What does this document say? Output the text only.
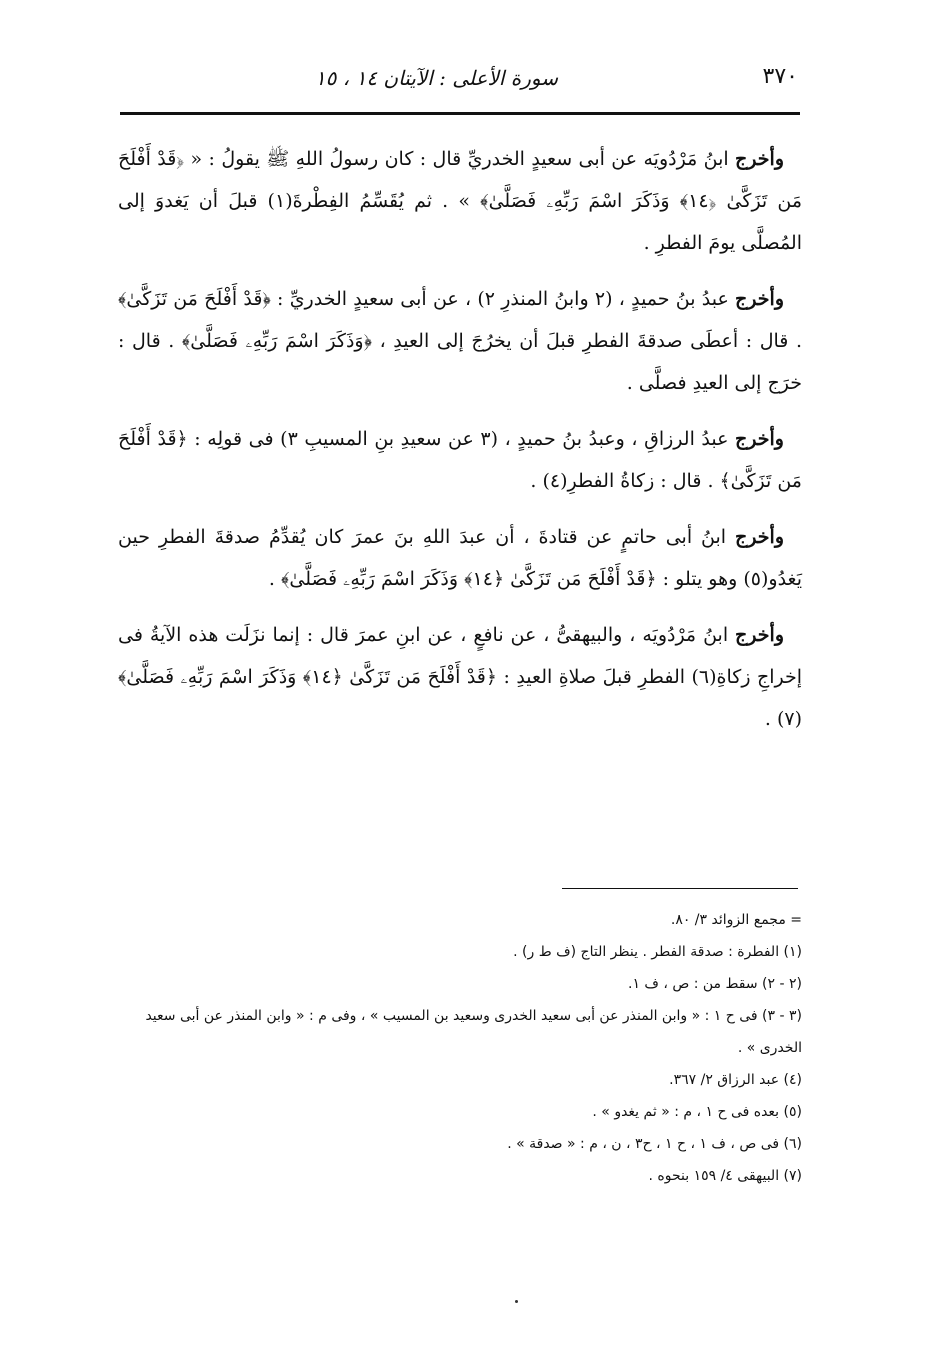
٣٧٠
سورة الأعلى : الآيتان ١٤ ، ١٥

وأخرج ابنُ مَرْدُويَه عن أبى سعيدٍ الخدريِّ قال : كان رسولُ اللهِ ﷺ يقولُ : « ﴿قَدْ أَفْلَحَ مَن تَزَكَّىٰ ﴿١٤﴾ وَذَكَرَ اسْمَ رَبِّهِۦ فَصَلَّىٰ﴾ » . ثم يُقَسِّمُ الفِطْرةَ(١) قبلَ أن يَغدوَ إلى المُصلَّى يومَ الفطرِ .

وأخرج عبدُ بنُ حميدٍ ، (٢ وابنُ المنذرِ ٢) ، عن أبى سعيدٍ الخدريِّ : ﴿قَدْ أَفْلَحَ مَن تَزَكَّىٰ﴾ . قال : أعطَى صدقةَ الفطرِ قبلَ أن يخرُجَ إلى العيدِ ، ﴿وَذَكَرَ اسْمَ رَبِّهِۦ فَصَلَّىٰ﴾ . قال : خرَج إلى العيدِ فصلَّى .

وأخرج عبدُ الرزاقِ ، وعبدُ بنُ حميدٍ ، (٣ عن سعيدِ بنِ المسيبِ ٣) فى قولِه : ﴿قَدْ أَفْلَحَ مَن تَزَكَّىٰ﴾ . قال : زكاةُ الفطرِ(٤) .

وأخرج ابنُ أبى حاتمٍ عن قتادةَ ، أن عبدَ اللهِ بنَ عمرَ كان يُقدِّمُ صدقةَ الفطرِ حين يَغدُو(٥) وهو يتلو : ﴿قَدْ أَفْلَحَ مَن تَزَكَّىٰ ﴿١٤﴾ وَذَكَرَ اسْمَ رَبِّهِۦ فَصَلَّىٰ﴾ .

وأخرج ابنُ مَرْدُويَه ، والبيهقىُّ ، عن نافعٍ ، عن ابنِ عمرَ قال : إنما نزَلَت هذه الآيةُ فى إخراجِ زكاةِ(٦) الفطرِ قبلَ صلاةِ العيدِ : ﴿قَدْ أَفْلَحَ مَن تَزَكَّىٰ ﴿١٤﴾ وَذَكَرَ اسْمَ رَبِّهِۦ فَصَلَّىٰ﴾(٧) .

= مجمع الزوائد ٣/ ٨٠.

(١) الفطرة : صدقة الفطر . ينظر التاج (ف ط ر) .

(٢ - ٢) سقط من : ص ، ف ١.

(٣ - ٣) فى ح ١ : « وابن المنذر عن أبى سعيد الخدرى وسعيد بن المسيب » ، وفى م : « وابن المنذر عن أبى سعيد الخدرى » .

(٤) عبد الرزاق ٢/ ٣٦٧.

(٥) بعده فى ح ١ ، م : « ثم يغدو » .

(٦) فى ص ، ف ١ ، ح ١ ، ح٣ ، ن ، م : « صدقة » .

(٧) البيهقى ٤/ ١٥٩ بنحوه .
